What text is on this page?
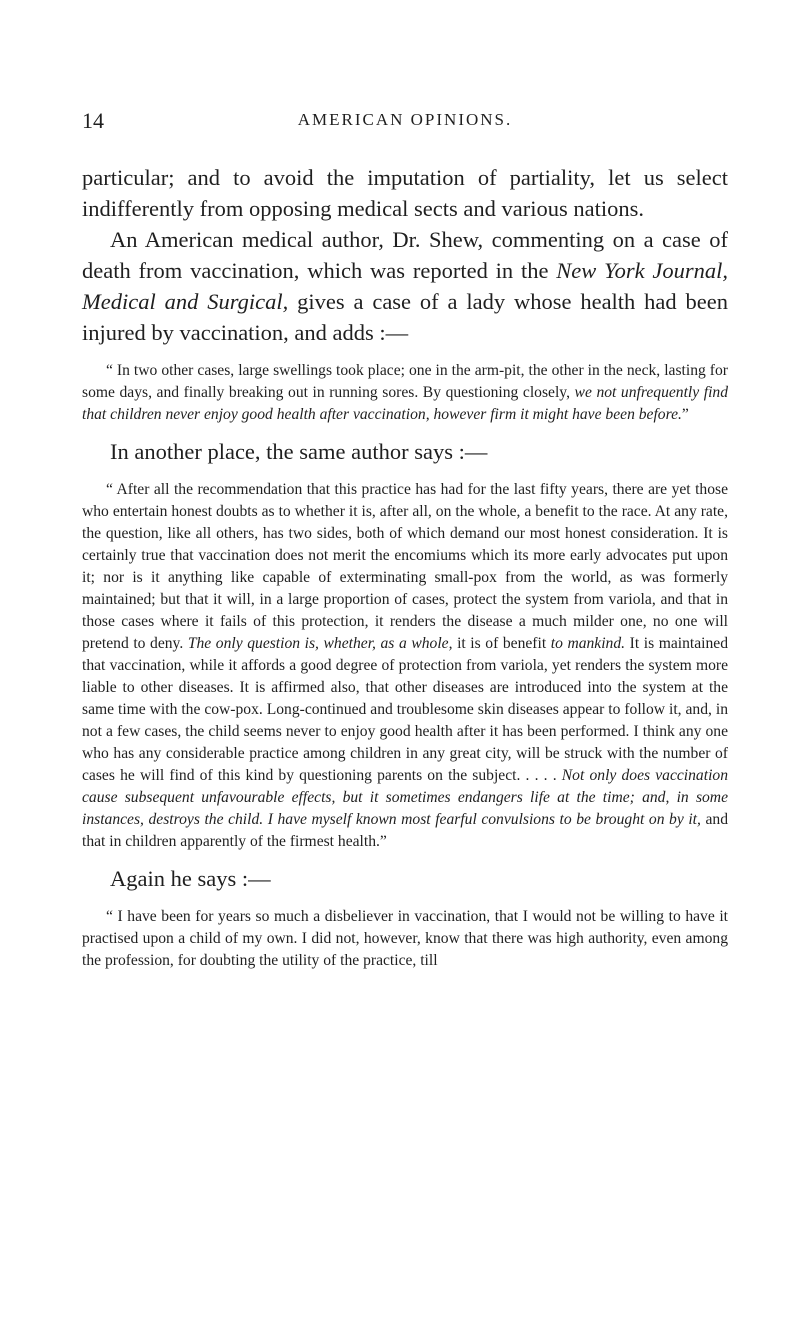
14	AMERICAN OPINIONS.

particular; and to avoid the imputation of partiality, let us select indifferently from opposing medical sects and various nations.

An American medical author, Dr. Shew, commenting on a case of death from vaccination, which was reported in the New York Journal, Medical and Surgical, gives a case of a lady whose health had been injured by vaccination, and adds :—

“ In two other cases, large swellings took place; one in the arm-pit, the other in the neck, lasting for some days, and finally breaking out in running sores. By questioning closely, we not unfrequently find that children never enjoy good health after vaccination, however firm it might have been before.”

In another place, the same author says :—

“ After all the recommendation that this practice has had for the last fifty years, there are yet those who entertain honest doubts as to whether it is, after all, on the whole, a benefit to the race. At any rate, the question, like all others, has two sides, both of which demand our most honest consideration. It is certainly true that vaccination does not merit the encomiums which its more early advocates put upon it; nor is it anything like capable of exterminating small-pox from the world, as was formerly maintained; but that it will, in a large proportion of cases, protect the system from variola, and that in those cases where it fails of this protection, it renders the disease a much milder one, no one will pretend to deny. The only question is, whether, as a whole, it is of benefit to mankind. It is maintained that vaccination, while it affords a good degree of protection from variola, yet renders the system more liable to other diseases. It is affirmed also, that other diseases are introduced into the system at the same time with the cow-pox. Long-continued and troublesome skin diseases appear to follow it, and, in not a few cases, the child seems never to enjoy good health after it has been performed. I think any one who has any considerable practice among children in any great city, will be struck with the number of cases he will find of this kind by questioning parents on the subject. . . . . Not only does vaccination cause subsequent unfavourable effects, but it sometimes endangers life at the time; and, in some instances, destroys the child. I have myself known most fearful convulsions to be brought on by it, and that in children apparently of the firmest health.”

Again he says :—

“ I have been for years so much a disbeliever in vaccination, that I would not be willing to have it practised upon a child of my own. I did not, however, know that there was high authority, even among the profession, for doubting the utility of the practice, till
